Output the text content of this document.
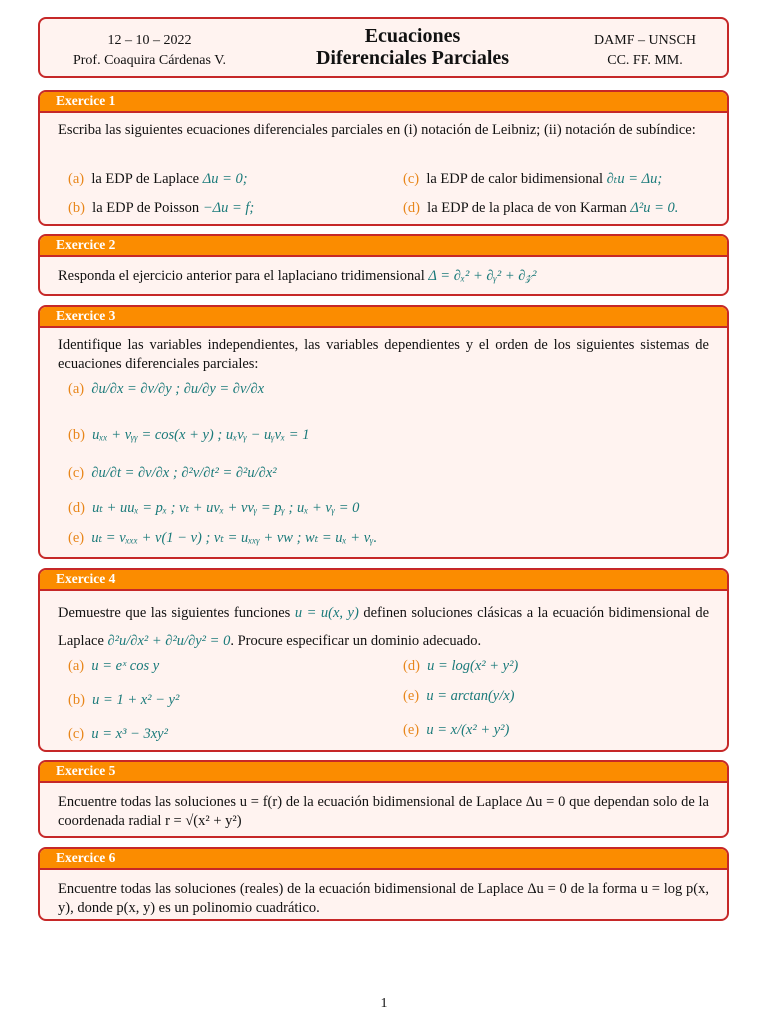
12 – 10 – 2022
Prof. Coaquira Cárdenas V.
Ecuaciones
Diferenciales Parciales
DAMF – UNSCH
CC. FF. MM.
Exercice 1
Escriba las siguientes ecuaciones diferenciales parciales en (i) notación de Leibniz; (ii) notación de subíndice:
(a) la EDP de Laplace Δu = 0;
(b) la EDP de Poisson −Δu = f;
(c) la EDP de calor bidimensional ∂ₜu = Δu;
(d) la EDP de la placa de von Karman Δ²u = 0.
Exercice 2
Responda el ejercicio anterior para el laplaciano tridimensional Δ = ∂ₓ² + ∂ᵧ² + ∂𝓏²
Exercice 3
Identifique las variables independientes, las variables dependientes y el orden de los siguientes sistemas de ecuaciones diferenciales parciales:
(a) ∂u/∂x = ∂v/∂y ; ∂u/∂y = ∂v/∂x
(b) uₓₓ + vᵧᵧ = cos(x + y) ; uₓvᵧ − uᵧvₓ = 1
(c) ∂u/∂t = ∂v/∂x ; ∂²v/∂t² = ∂²u/∂x²
(d) uₜ + uuₓ = pₓ ; vₜ + uvₓ + vvᵧ = pᵧ ; uₓ + vᵧ = 0
(e) uₜ = vₓₓₓ + v(1 − v) ; vₜ = uₓₓᵧ + vw ; wₜ = uₓ + vᵧ.
Exercice 4
Demuestre que las siguientes funciones u = u(x, y) definen soluciones clásicas a la ecuación bidimensional de Laplace ∂²u/∂x² + ∂²u/∂y² = 0. Procure especificar un dominio adecuado.
(a) u = eˣ cos y
(b) u = 1 + x² − y²
(c) u = x³ − 3xy²
(d) u = log(x² + y²)
(e) u = arctan(y/x)
(e) u = x/(x² + y²)
Exercice 5
Encuentre todas las soluciones u = f(r) de la ecuación bidimensional de Laplace Δu = 0 que dependan solo de la coordenada radial r = √(x² + y²)
Exercice 6
Encuentre todas las soluciones (reales) de la ecuación bidimensional de Laplace Δu = 0 de la forma u = log p(x, y), donde p(x, y) es un polinomio cuadrático.
1
